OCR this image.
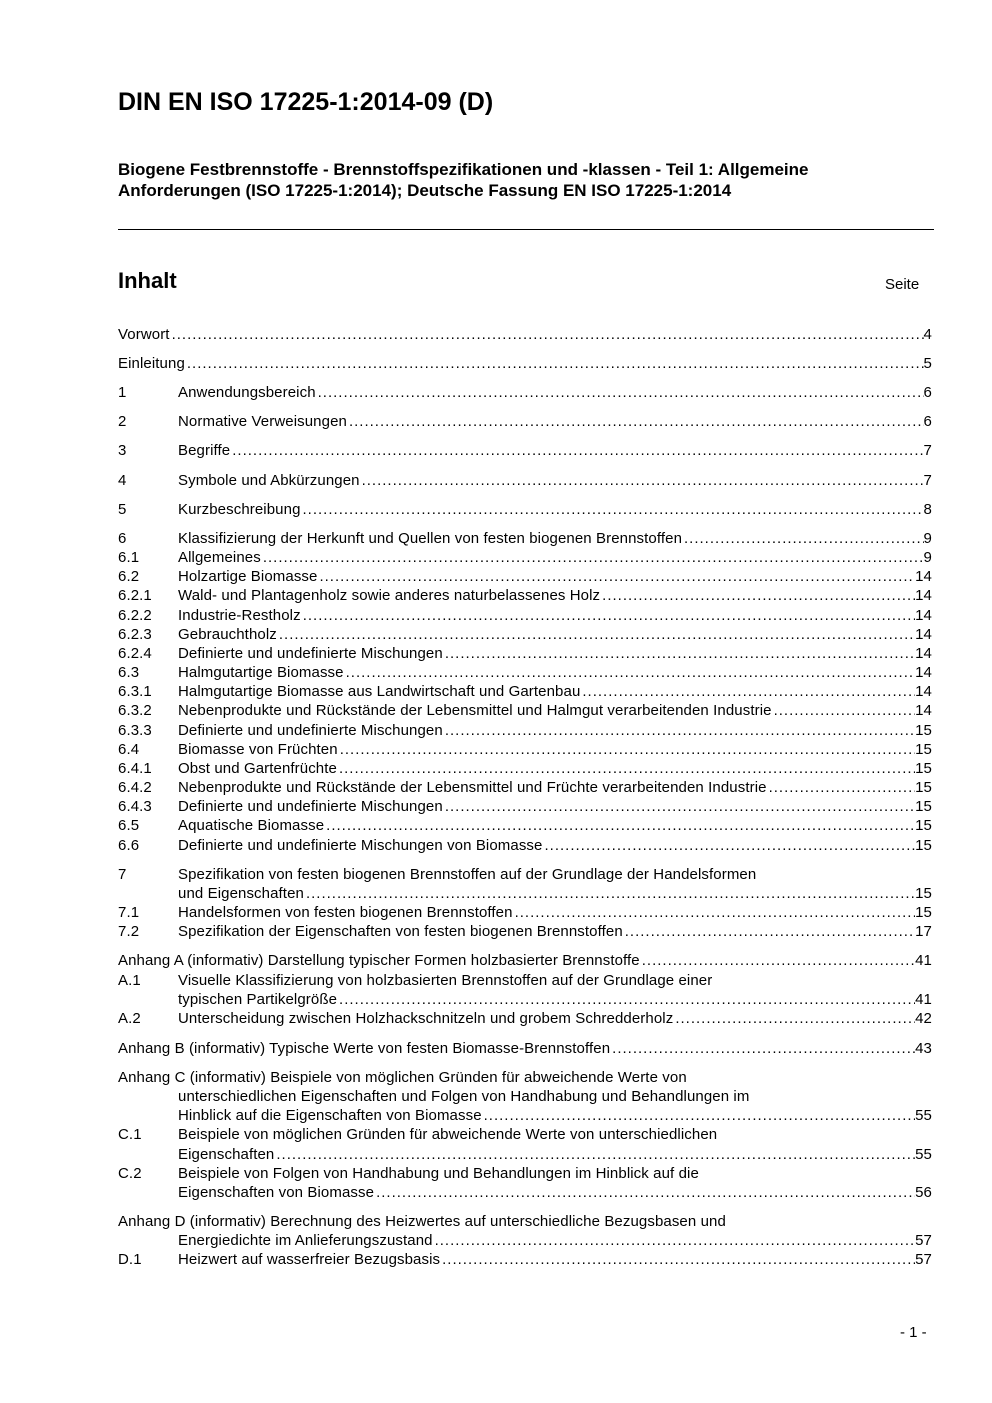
DIN EN ISO 17225-1:2014-09 (D)

Biogene Festbrennstoffe - Brennstoffspezifikationen und -klassen - Teil 1: Allgemeine Anforderungen (ISO 17225-1:2014); Deutsche Fassung EN ISO 17225-1:2014

Inhalt	Seite
Vorwort .....	4
Einleitung .....	5
1	Anwendungsbereich .....	6
2	Normative Verweisungen .....	6
3	Begriffe .....	7
4	Symbole und Abkürzungen .....	7
5	Kurzbeschreibung .....	8
6	Klassifizierung der Herkunft und Quellen von festen biogenen Brennstoffen .....	9
6.1	Allgemeines .....	9
6.2	Holzartige Biomasse .....	14
6.2.1 Wald- und Plantagenholz sowie anderes naturbelassenes Holz .....	14
6.2.2 Industrie-Restholz .....	14
6.2.3 Gebrauchtholz .....	14
6.2.4 Definierte und undefinierte Mischungen .....	14
6.3	Halmgutartige Biomasse .....	14
6.3.1 Halmgutartige Biomasse aus Landwirtschaft und Gartenbau .....	14
6.3.2 Nebenprodukte und Rückstände der Lebensmittel und Halmgut verarbeitenden Industrie .....	14
6.3.3 Definierte und undefinierte Mischungen .....	15
6.4	Biomasse von Früchten .....	15
6.4.1 Obst und Gartenfrüchte .....	15
6.4.2 Nebenprodukte und Rückstände der Lebensmittel und Früchte verarbeitenden Industrie .....	15
6.4.3 Definierte und undefinierte Mischungen .....	15
6.5	Aquatische Biomasse .....	15
6.6	Definierte und undefinierte Mischungen von Biomasse .....	15
7	Spezifikation von festen biogenen Brennstoffen auf der Grundlage der Handelsformen
und Eigenschaften .....	15
7.1	Handelsformen von festen biogenen Brennstoffen .....	15
7.2	Spezifikation der Eigenschaften von festen biogenen Brennstoffen .....	17
Anhang A (informativ) Darstellung typischer Formen holzbasierter Brennstoffe .....	41
A.1 Visuelle Klassifizierung von holzbasierten Brennstoffen auf der Grundlage einer
typischen Partikelgröße .....	41
A.2 Unterscheidung zwischen Holzhackschnitzeln und grobem Schredderholz .....	42
Anhang B (informativ) Typische Werte von festen Biomasse-Brennstoffen .....	43
Anhang C (informativ) Beispiele von möglichen Gründen für abweichende Werte von
unterschiedlichen Eigenschaften und Folgen von Handhabung und Behandlungen im
Hinblick auf die Eigenschaften von Biomasse .....	55
C.1 Beispiele von möglichen Gründen für abweichende Werte von unterschiedlichen
Eigenschaften .....	55
C.2 Beispiele von Folgen von Handhabung und Behandlungen im Hinblick auf die
Eigenschaften von Biomasse .....	56
Anhang D (informativ) Berechnung des Heizwertes auf unterschiedliche Bezugsbasen und
Energiedichte im Anlieferungszustand .....	57
D.1 Heizwert auf wasserfreier Bezugsbasis .....	57
- 1 -
